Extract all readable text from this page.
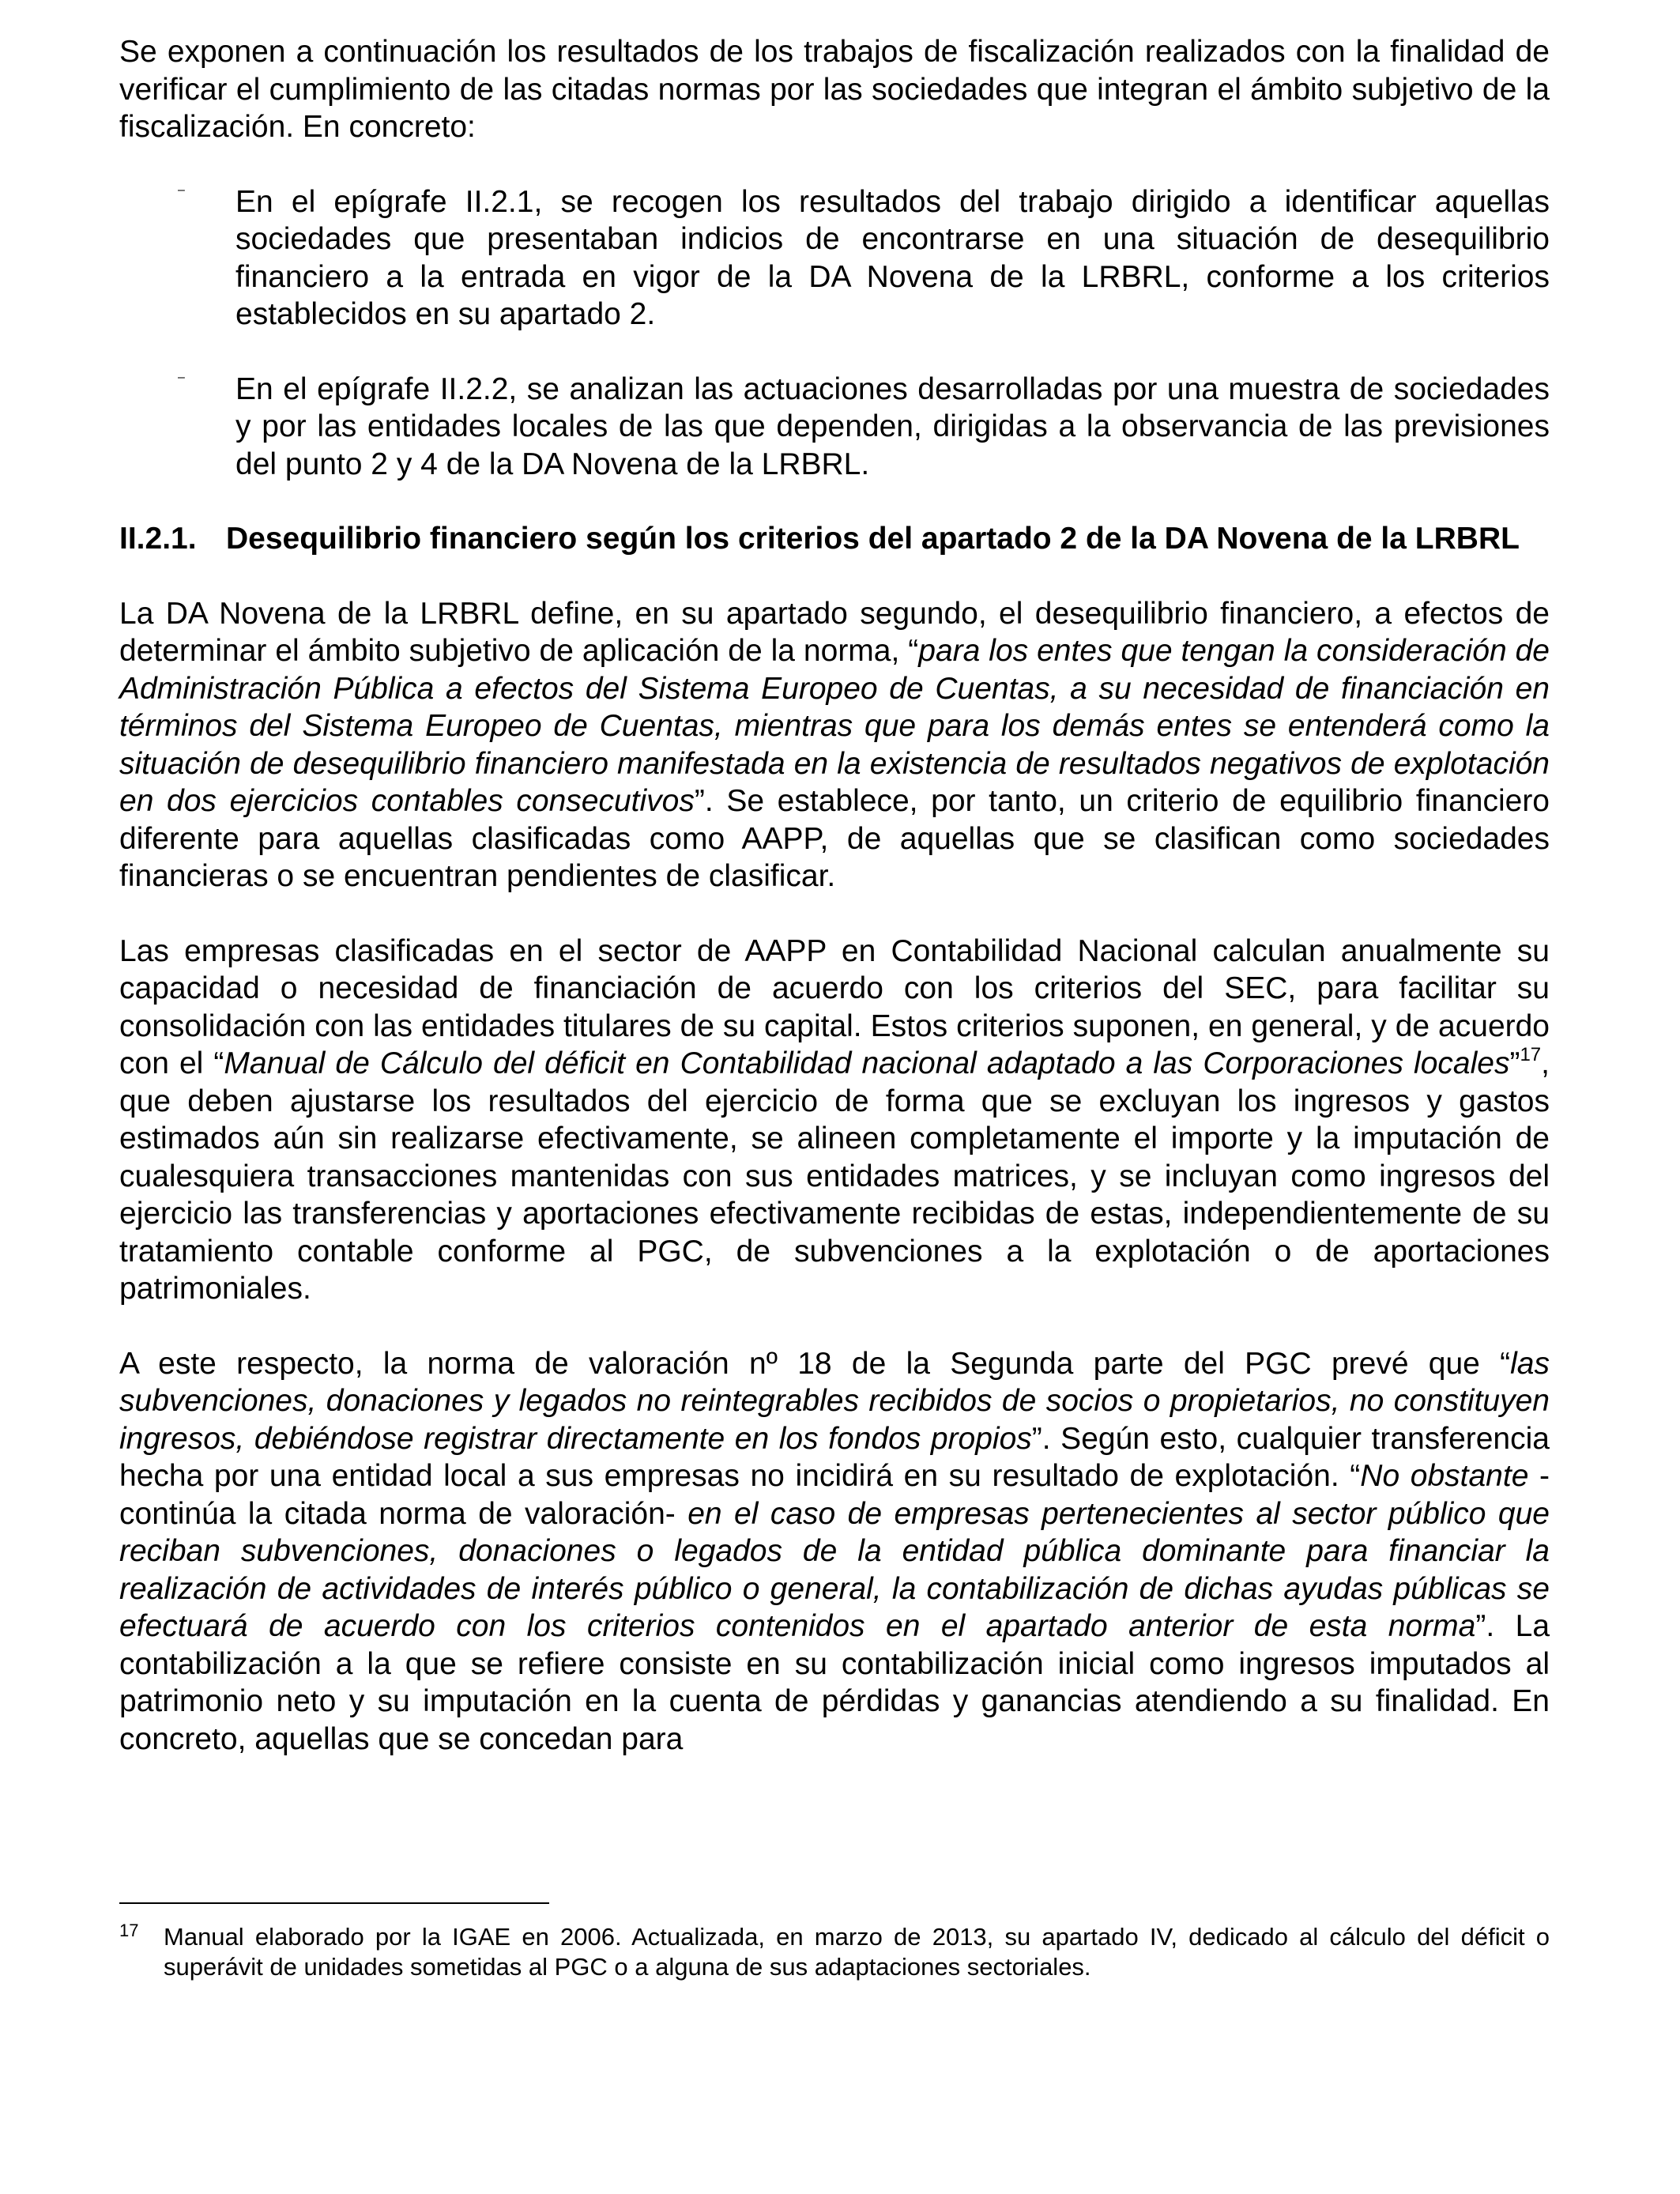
Se exponen a continuación los resultados de los trabajos de fiscalización realizados con la finalidad de verificar el cumplimiento de las citadas normas por las sociedades que integran el ámbito subjetivo de la fiscalización. En concreto:

– En el epígrafe II.2.1, se recogen los resultados del trabajo dirigido a identificar aquellas sociedades que presentaban indicios de encontrarse en una situación de desequilibrio financiero a la entrada en vigor de la DA Novena de la LRBRL, conforme a los criterios establecidos en su apartado 2.

– En el epígrafe II.2.2, se analizan las actuaciones desarrolladas por una muestra de sociedades y por las entidades locales de las que dependen, dirigidas a la observancia de las previsiones del punto 2 y 4 de la DA Novena de la LRBRL.

II.2.1. Desequilibrio financiero según los criterios del apartado 2 de la DA Novena de la LRBRL

La DA Novena de la LRBRL define, en su apartado segundo, el desequilibrio financiero, a efectos de determinar el ámbito subjetivo de aplicación de la norma, “para los entes que tengan la consideración de Administración Pública a efectos del Sistema Europeo de Cuentas, a su necesidad de financiación en términos del Sistema Europeo de Cuentas, mientras que para los demás entes se entenderá como la situación de desequilibrio financiero manifestada en la existencia de resultados negativos de explotación en dos ejercicios contables consecutivos”. Se establece, por tanto, un criterio de equilibrio financiero diferente para aquellas clasificadas como AAPP, de aquellas que se clasifican como sociedades financieras o se encuentran pendientes de clasificar.

Las empresas clasificadas en el sector de AAPP en Contabilidad Nacional calculan anualmente su capacidad o necesidad de financiación de acuerdo con los criterios del SEC, para facilitar su consolidación con las entidades titulares de su capital. Estos criterios suponen, en general, y de acuerdo con el “Manual de Cálculo del déficit en Contabilidad nacional adaptado a las Corporaciones locales”$^{17}$, que deben ajustarse los resultados del ejercicio de forma que se excluyan los ingresos y gastos estimados aún sin realizarse efectivamente, se alineen completamente el importe y la imputación de cualesquiera transacciones mantenidas con sus entidades matrices, y se incluyan como ingresos del ejercicio las transferencias y aportaciones efectivamente recibidas de estas, independientemente de su tratamiento contable conforme al PGC, de subvenciones a la explotación o de aportaciones patrimoniales.

A este respecto, la norma de valoración nº 18 de la Segunda parte del PGC prevé que “las subvenciones, donaciones y legados no reintegrables recibidos de socios o propietarios, no constituyen ingresos, debiéndose registrar directamente en los fondos propios”. Según esto, cualquier transferencia hecha por una entidad local a sus empresas no incidirá en su resultado de explotación. “No obstante -continúa la citada norma de valoración- en el caso de empresas pertenecientes al sector público que reciban subvenciones, donaciones o legados de la entidad pública dominante para financiar la realización de actividades de interés público o general, la contabilización de dichas ayudas públicas se efectuará de acuerdo con los criterios contenidos en el apartado anterior de esta norma”. La contabilización a la que se refiere consiste en su contabilización inicial como ingresos imputados al patrimonio neto y su imputación en la cuenta de pérdidas y ganancias atendiendo a su finalidad. En concreto, aquellas que se concedan para

17	Manual elaborado por la IGAE en 2006. Actualizada, en marzo de 2013, su apartado IV, dedicado al cálculo del déficit o superávit de unidades sometidas al PGC o a alguna de sus adaptaciones sectoriales.
